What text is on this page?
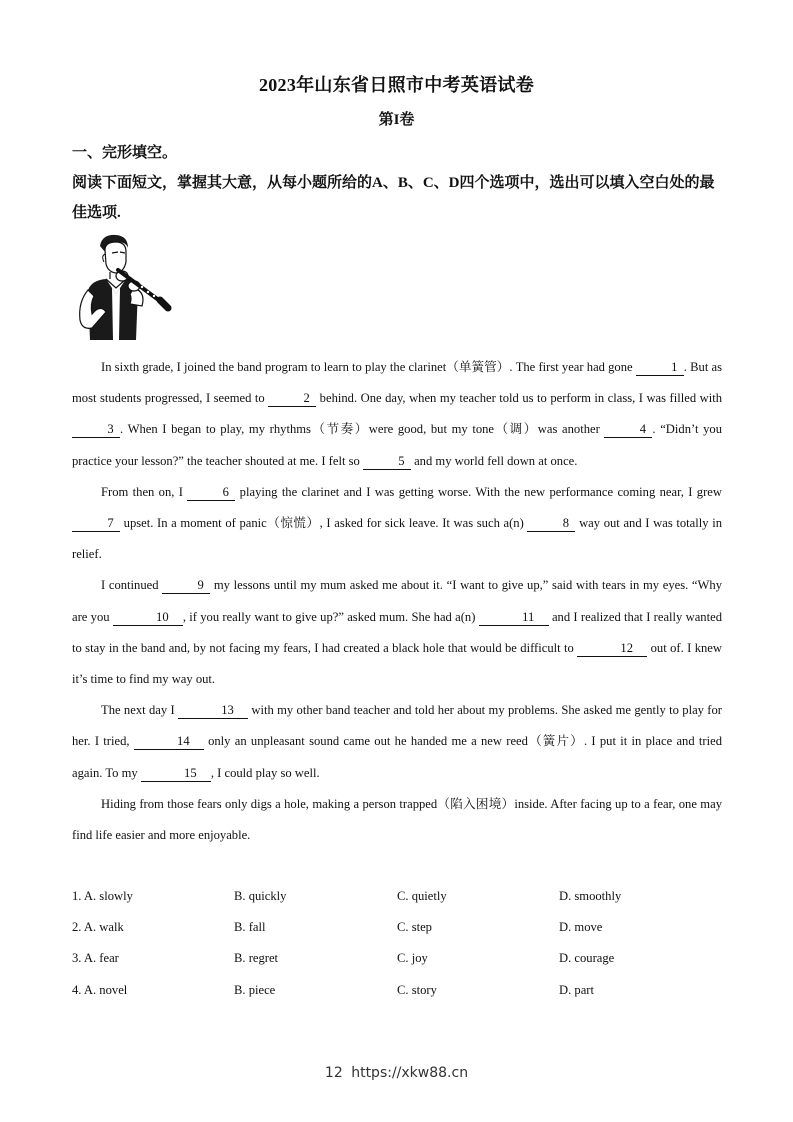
2023年山东省日照市中考英语试卷
第I卷
一、完形填空。
阅读下面短文，掌握其大意，从每小题所给的A、B、C、D四个选项中，选出可以填入空白处的最佳选项.

In sixth grade, I joined the band program to learn to play the clarinet（单簧管）. The first year had gone	1 . But as most students progressed, I seemed to	2 behind. One day, when my teacher told us to perform in class, I was filled with 3 . When I began to play, my rhythms（节奏）were good, but my tone（调）was another	4 . “Didn’t you practice your lesson?” the teacher shouted at me. I felt so	5 and my world fell down at once.

From then on, I	6 playing the clarinet and I was getting worse. With the new performance coming near, I grew 7 upset. In a moment of panic（惊慌）, I asked for sick leave. It was such a(n)	8 way out and I was totally in relief.

I continued	9 my lessons until my mum asked me about it. “I want to give up,” said with tears in my eyes. “Why are you	10 , if you really want to give up?” asked mum. She had a(n)	11 and I realized that I really wanted to stay in the band and, by not facing my fears, I had created a black hole that would be difficult to	12 out of. I knew it’s time to find my way out.

The next day I	13 with my other band teacher and told her about my problems. She asked me gently to play for her. I tried,	14 only an unpleasant sound came out he handed me a new reed（簧片）. I put it in place and tried again. To my	15 , I could play so well.

Hiding from those fears only digs a hole, making a person trapped（陷入困境）inside. After facing up to a fear, one may find life easier and more enjoyable.

1. A. slowly	B. quickly	C. quietly	D. smoothly
2. A. walk	B. fall	C. step	D. move
3. A. fear	B. regret	C. joy	D. courage
4. A. novel	B. piece	C. story	D. part
12 https://xkw88.cn
